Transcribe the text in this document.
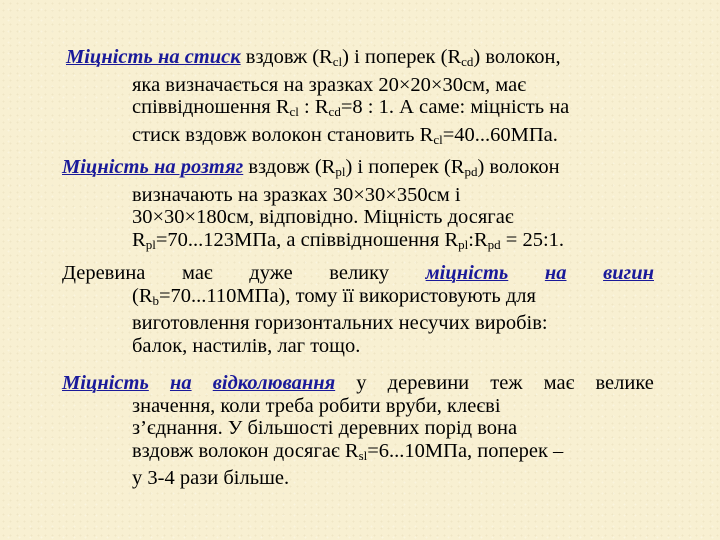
Міцність на стиск вздовж $(R_{cl})$ і поперек $(R_{cd})$ волокон,
яка визначається на зразках 20×20×30см, має
співвідношення $R_{cl}$ : $R_{cd}=8$ : 1. А саме: міцність на
стиск вздовж волокон становить $R_{cl}=40...60МПа$.
Міцність на розтяг вздовж $(R_{pl})$ і поперек $(R_{pd})$ волокон
визначають на зразках 30×30×350см і
30×30×180см, відповідно. Міцність досягає
$R_{pl}=70...123МПа$, а співвідношення $R_{pl}:R_{pd}$ = 25:1.
Деревина має дуже велику міцність на вигин
$(R_b=70...110МПа)$, тому її використовують для
виготовлення горизонтальних несучих виробів:
балок, настилів, лаг тощо.
Міцність на відколювання у деревини теж має велике
значення, коли треба робити вруби, клеєві
з’єднання. У більшості деревних порід вона
вздовж волокон досягає $R_{sl}=6...10МПа$, поперек –
у 3-4 рази більше.
